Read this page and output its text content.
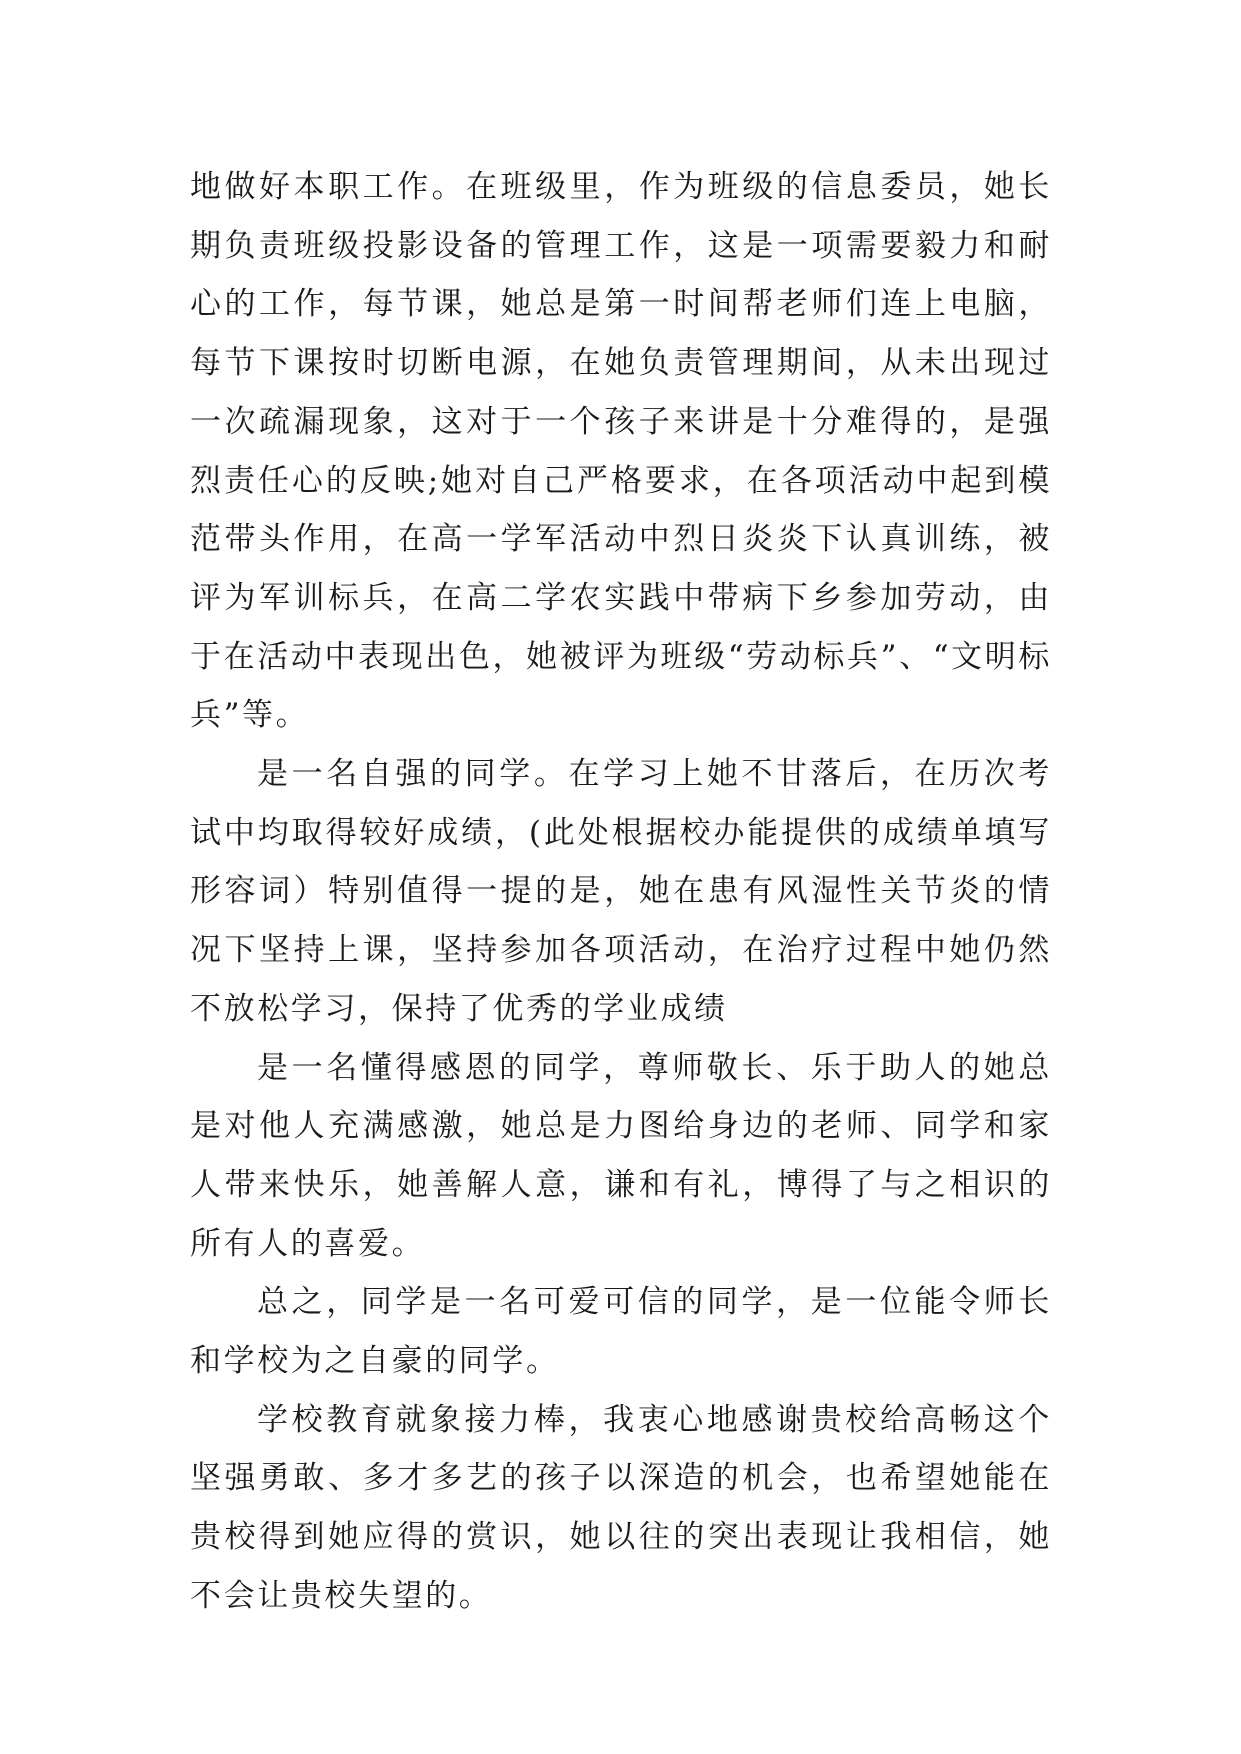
地做好本职工作。在班级里，作为班级的信息委员，她长期负责班级投影设备的管理工作，这是一项需要毅力和耐心的工作，每节课，她总是第一时间帮老师们连上电脑，每节下课按时切断电源，在她负责管理期间，从未出现过一次疏漏现象，这对于一个孩子来讲是十分难得的，是强烈责任心的反映;她对自己严格要求，在各项活动中起到模范带头作用，在高一学军活动中烈日炎炎下认真训练，被评为军训标兵，在高二学农实践中带病下乡参加劳动，由于在活动中表现出色，她被评为班级“劳动标兵”、“文明标兵”等。

是一名自强的同学。在学习上她不甘落后，在历次考试中均取得较好成绩，(此处根据校办能提供的成绩单填写形容词）特别值得一提的是，她在患有风湿性关节炎的情况下坚持上课，坚持参加各项活动，在治疗过程中她仍然不放松学习，保持了优秀的学业成绩

是一名懂得感恩的同学，尊师敬长、乐于助人的她总是对他人充满感激，她总是力图给身边的老师、同学和家人带来快乐，她善解人意，谦和有礼，博得了与之相识的所有人的喜爱。

总之，同学是一名可爱可信的同学，是一位能令师长和学校为之自豪的同学。

学校教育就象接力棒，我衷心地感谢贵校给高畅这个坚强勇敢、多才多艺的孩子以深造的机会，也希望她能在贵校得到她应得的赏识，她以往的突出表现让我相信，她不会让贵校失望的。
